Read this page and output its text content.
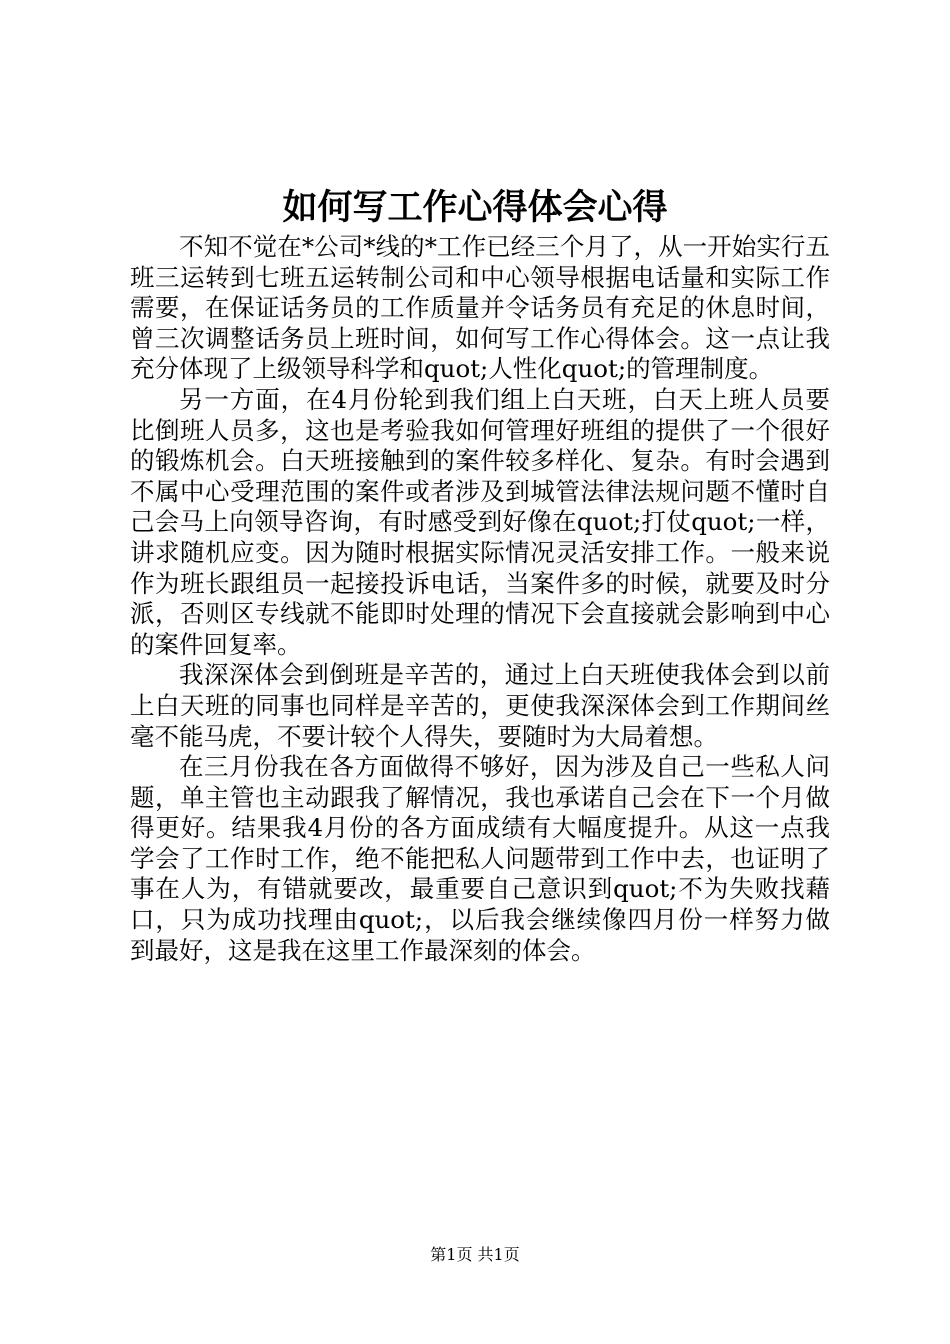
如何写工作心得体会心得

不知不觉在*公司*线的*工作已经三个月了，从一开始实行五班三运转到七班五运转制公司和中心领导根据电话量和实际工作需要，在保证话务员的工作质量并令话务员有充足的休息时间，曾三次调整话务员上班时间，如何写工作心得体会。这一点让我充分体现了上级领导科学和quot;人性化quot;的管理制度。

另一方面，在4月份轮到我们组上白天班，白天上班人员要比倒班人员多，这也是考验我如何管理好班组的提供了一个很好的锻炼机会。白天班接触到的案件较多样化、复杂。有时会遇到不属中心受理范围的案件或者涉及到城管法律法规问题不懂时自己会马上向领导咨询，有时感受到好像在quot;打仗quot;一样，讲求随机应变。因为随时根据实际情况灵活安排工作。一般来说作为班长跟组员一起接投诉电话，当案件多的时候，就要及时分派，否则区专线就不能即时处理的情况下会直接就会影响到中心的案件回复率。

我深深体会到倒班是辛苦的，通过上白天班使我体会到以前上白天班的同事也同样是辛苦的，更使我深深体会到工作期间丝毫不能马虎，不要计较个人得失，要随时为大局着想。

在三月份我在各方面做得不够好，因为涉及自己一些私人问题，单主管也主动跟我了解情况，我也承诺自己会在下一个月做得更好。结果我4月份的各方面成绩有大幅度提升。从这一点我学会了工作时工作，绝不能把私人问题带到工作中去，也证明了事在人为，有错就要改，最重要自己意识到quot;不为失败找藉口，只为成功找理由quot;，以后我会继续像四月份一样努力做到最好，这是我在这里工作最深刻的体会。

第1页 共1页
